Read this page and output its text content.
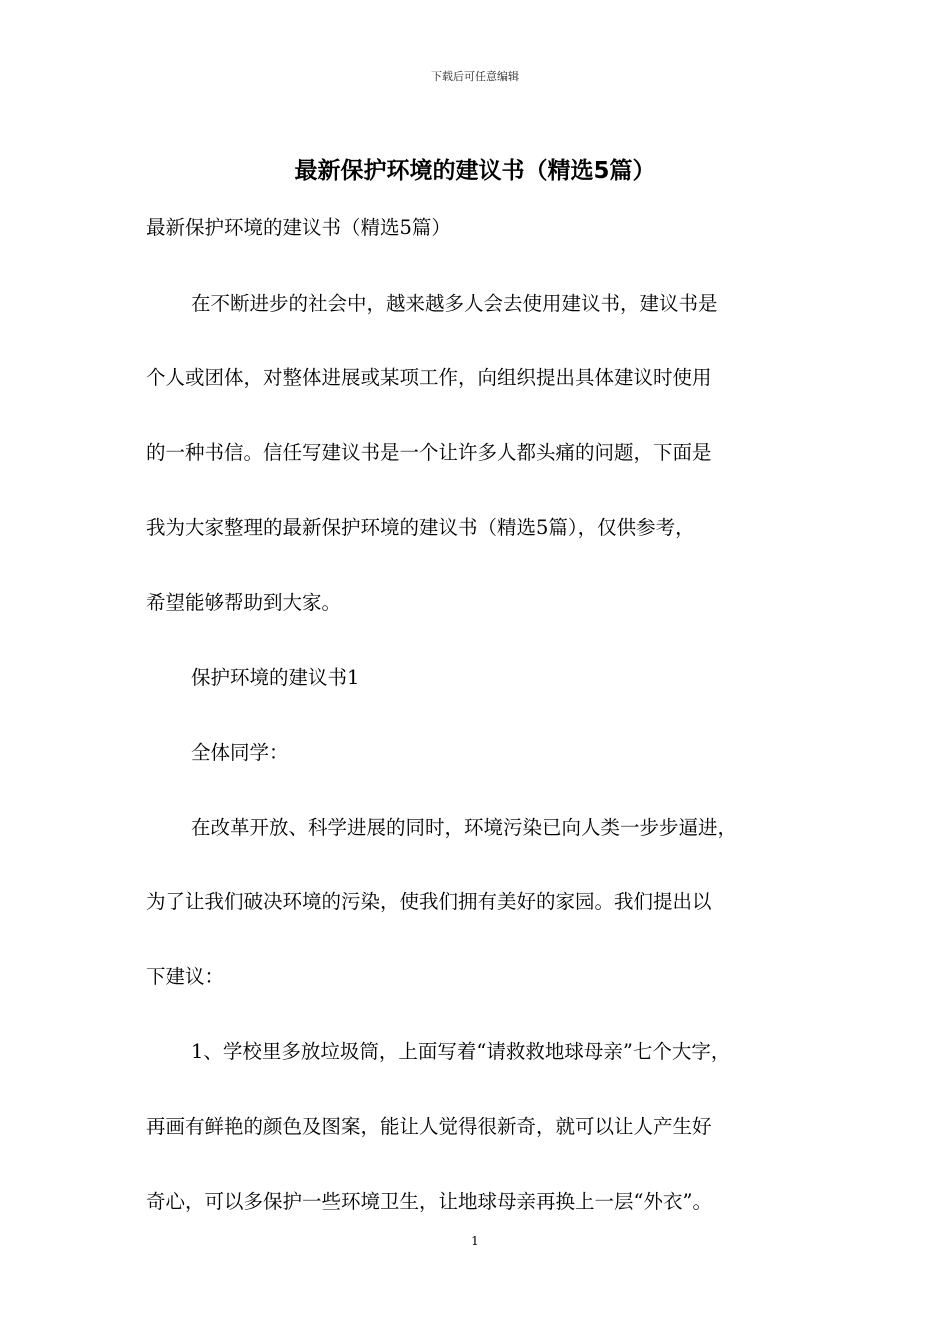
下载后可任意编辑
最新保护环境的建议书（精选5篇）
最新保护环境的建议书（精选5篇）
在不断进步的社会中，越来越多人会去使用建议书，建议书是
个人或团体，对整体进展或某项工作，向组织提出具体建议时使用
的一种书信。信任写建议书是一个让许多人都头痛的问题，下面是
我为大家整理的最新保护环境的建议书（精选5篇），仅供参考，
希望能够帮助到大家。
保护环境的建议书1
全体同学：
在改革开放、科学进展的同时，环境污染已向人类一步步逼进，
为了让我们破决环境的污染，使我们拥有美好的家园。我们提出以
下建议：
1、学校里多放垃圾筒，上面写着“请救救地球母亲”七个大字，
再画有鲜艳的颜色及图案，能让人觉得很新奇，就可以让人产生好
奇心，可以多保护一些环境卫生，让地球母亲再换上一层“外衣”。
1
